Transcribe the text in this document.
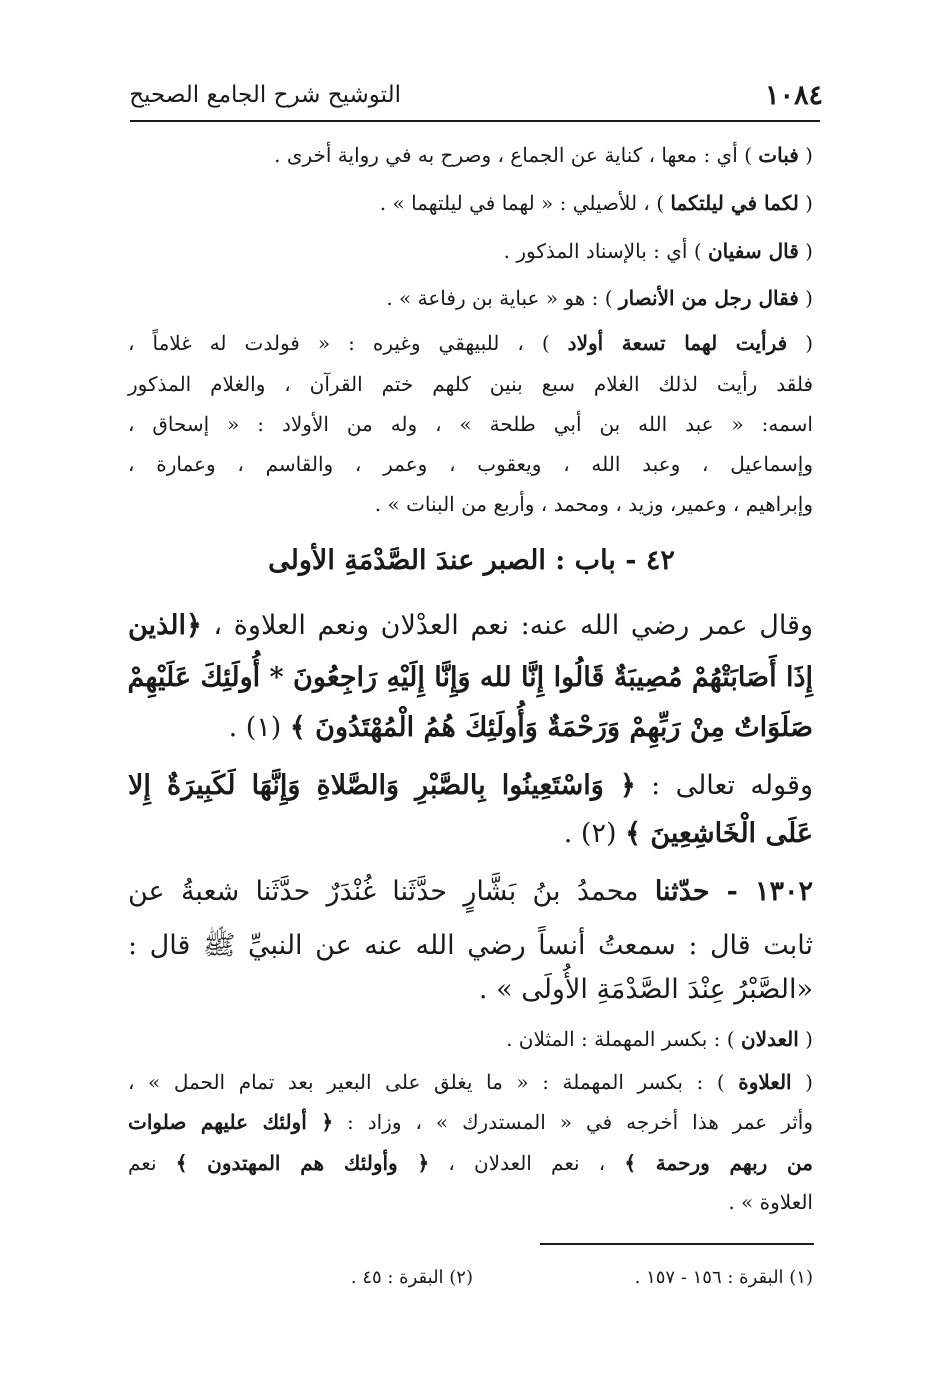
التوشيح شرح الجامع الصحيح	١٠٨٤
( فبات ) أي : معها ، كناية عن الجماع ، وصرح به في رواية أخرى .
( لكما في ليلتكما ) ، للأصيلي : « لهما في ليلتهما » .
( قال سفيان ) أي : بالإسناد المذكور .
( فقال رجل من الأنصار ) : هو « عباية بن رفاعة » .
( فرأيت لهما تسعة أولاد ) ، للبيهقي وغيره : « فولدت له غلاماً ،
فلقد رأيت لذلك الغلام سبع بنين كلهم ختم القرآن ، والغلام المذكور
اسمه: « عبد الله بن أبي طلحة » ، وله من الأولاد : « إسحاق ،
وإسماعيل ، وعبد الله ، ويعقوب ، وعمر ، والقاسم ، وعمارة ،
وإبراهيم ، وعمير، وزيد ، ومحمد ، وأربع من البنات » .
٤٢ - باب : الصبر عندَ الصَّدْمَةِ الأولى
وقال عمر رضي الله عنه: نعم العدْلان ونعم العلاوة ، ﴿الذين
إِذَا أَصَابَتْهُمْ مُصِيبَةٌ قَالُوا إِنَّا لله وَإِنَّا إِلَيْهِ رَاجِعُونَ * أُولَئِكَ عَلَيْهِمْ
صَلَوَاتٌ مِنْ رَبِّهِمْ وَرَحْمَةٌ وَأُولَئِكَ هُمُ الْمُهْتَدُونَ ﴾ (١) .
وقوله تعالى : ﴿ وَاسْتَعِينُوا بِالصَّبْرِ وَالصَّلاةِ وَإِنَّهَا لَكَبِيرَةٌ إِلا
عَلَى الْخَاشِعِينَ ﴾ (٢) .
١٣٠٢ - حدّثنا محمدُ بنُ بَشَّارٍ حدَّثَنا غُنْدَرٌ حدَّثَنا شعبةُ عن
ثابت قال : سمعتُ أنساً رضي الله عنه عن النبيِّ ﷺ قال :
«الصَّبْرُ عِنْدَ الصَّدْمَةِ الأُولَى » .
( العدلان ) : بكسر المهملة : المثلان .
( العلاوة ) : بكسر المهملة : « ما يغلق على البعير بعد تمام الحمل » ،
وأثر عمر هذا أخرجه في « المستدرك » ، وزاد : ﴿ أولئك عليهم صلوات
من ربهم ورحمة ﴾ ، نعم العدلان ، ﴿ وأولئك هم المهتدون ﴾ نعم
العلاوة » .
(١) البقرة : ١٥٦ - ١٥٧ .
(٢) البقرة : ٤٥ .
